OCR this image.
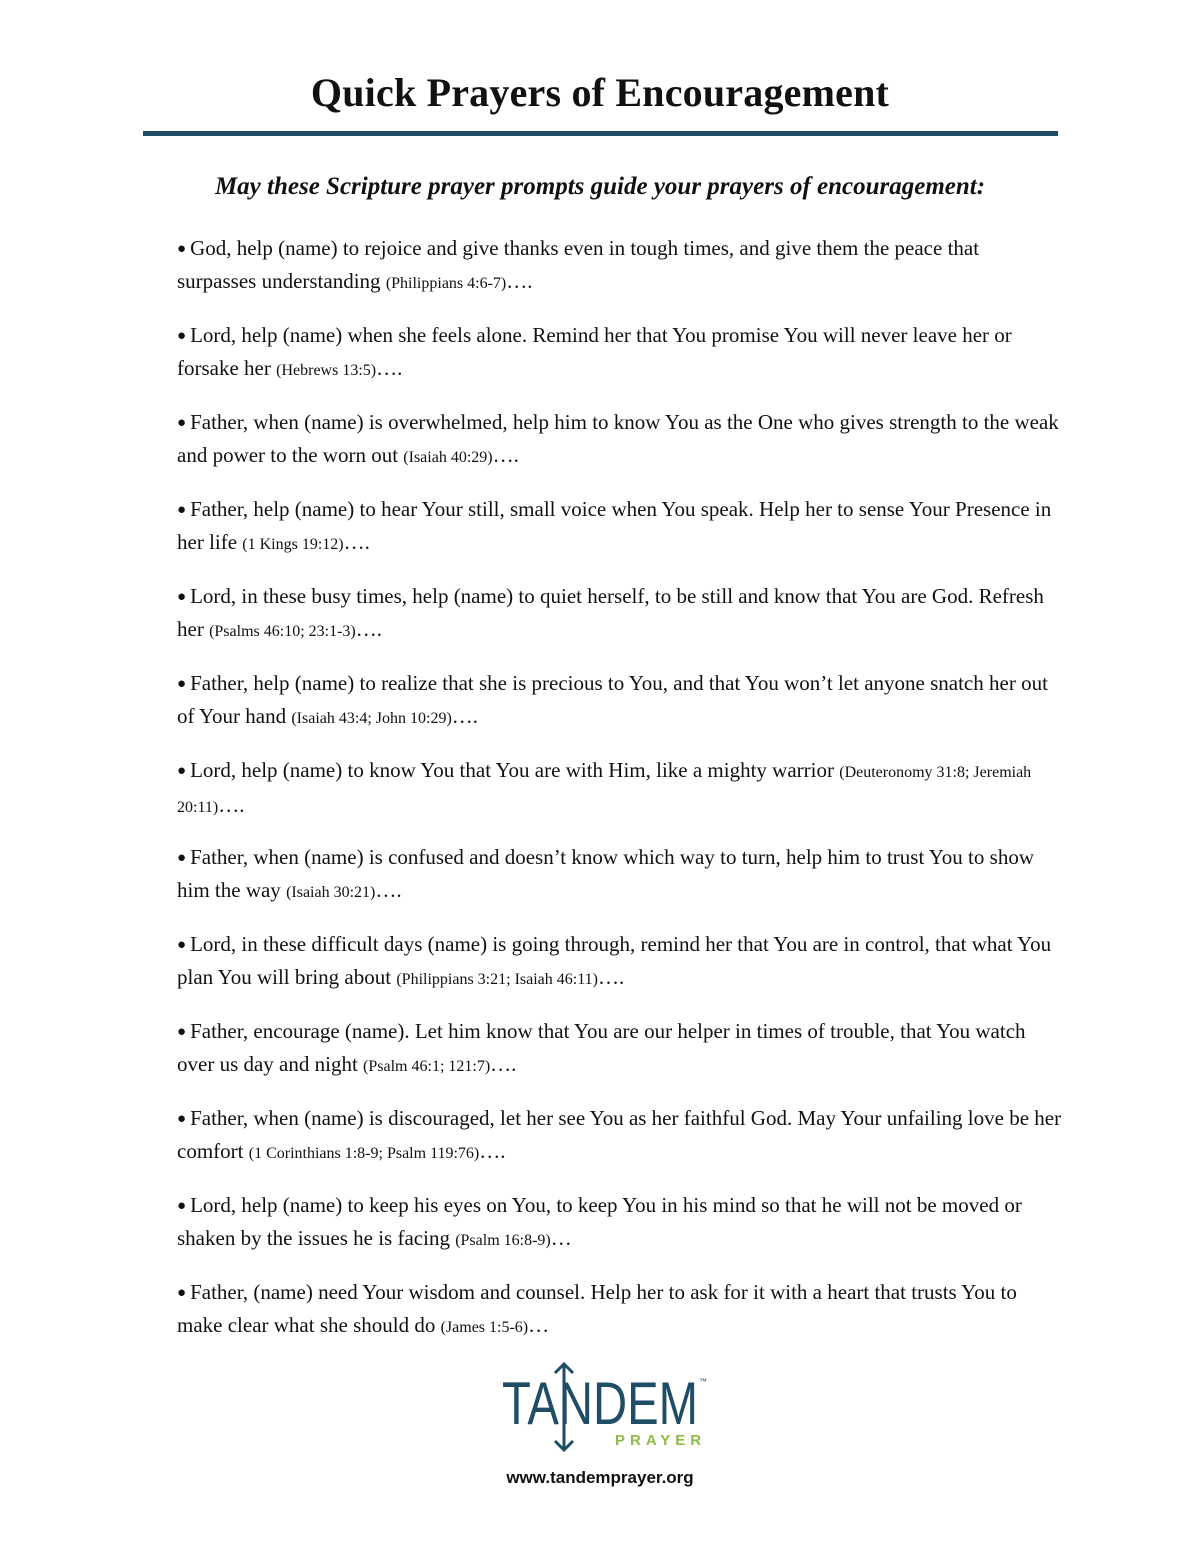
Quick Prayers of Encouragement

May these Scripture prayer prompts guide your prayers of encouragement:

● God, help (name) to rejoice and give thanks even in tough times, and give them the peace that surpasses understanding (Philippians 4:6-7)….
● Lord, help (name) when she feels alone. Remind her that You promise You will never leave her or forsake her (Hebrews 13:5)….
● Father, when (name) is overwhelmed, help him to know You as the One who gives strength to the weak and power to the worn out (Isaiah 40:29)….
● Father, help (name) to hear Your still, small voice when You speak. Help her to sense Your Presence in her life (1 Kings 19:12)….
● Lord, in these busy times, help (name) to quiet herself, to be still and know that You are God. Refresh her (Psalms 46:10; 23:1-3)….
● Father, help (name) to realize that she is precious to You, and that You won’t let anyone snatch her out of Your hand (Isaiah 43:4; John 10:29)….
● Lord, help (name) to know You that You are with Him, like a mighty warrior (Deuteronomy 31:8; Jeremiah 20:11)….
● Father, when (name) is confused and doesn’t know which way to turn, help him to trust You to show him the way (Isaiah 30:21)….
● Lord, in these difficult days (name) is going through, remind her that You are in control, that what You plan You will bring about (Philippians 3:21; Isaiah 46:11)….
● Father, encourage (name). Let him know that You are our helper in times of trouble, that You watch over us day and night (Psalm 46:1; 121:7)….
● Father, when (name) is discouraged, let her see You as her faithful God. May Your unfailing love be her comfort (1 Corinthians 1:8-9; Psalm 119:76)….
● Lord, help (name) to keep his eyes on You, to keep You in his mind so that he will not be moved or shaken by the issues he is facing (Psalm 16:8-9)…
● Father, (name) need Your wisdom and counsel. Help her to ask for it with a heart that trusts You to make clear what she should do (James 1:5-6)…
TANDEM ™
PRAYER
www.tandemprayer.org
